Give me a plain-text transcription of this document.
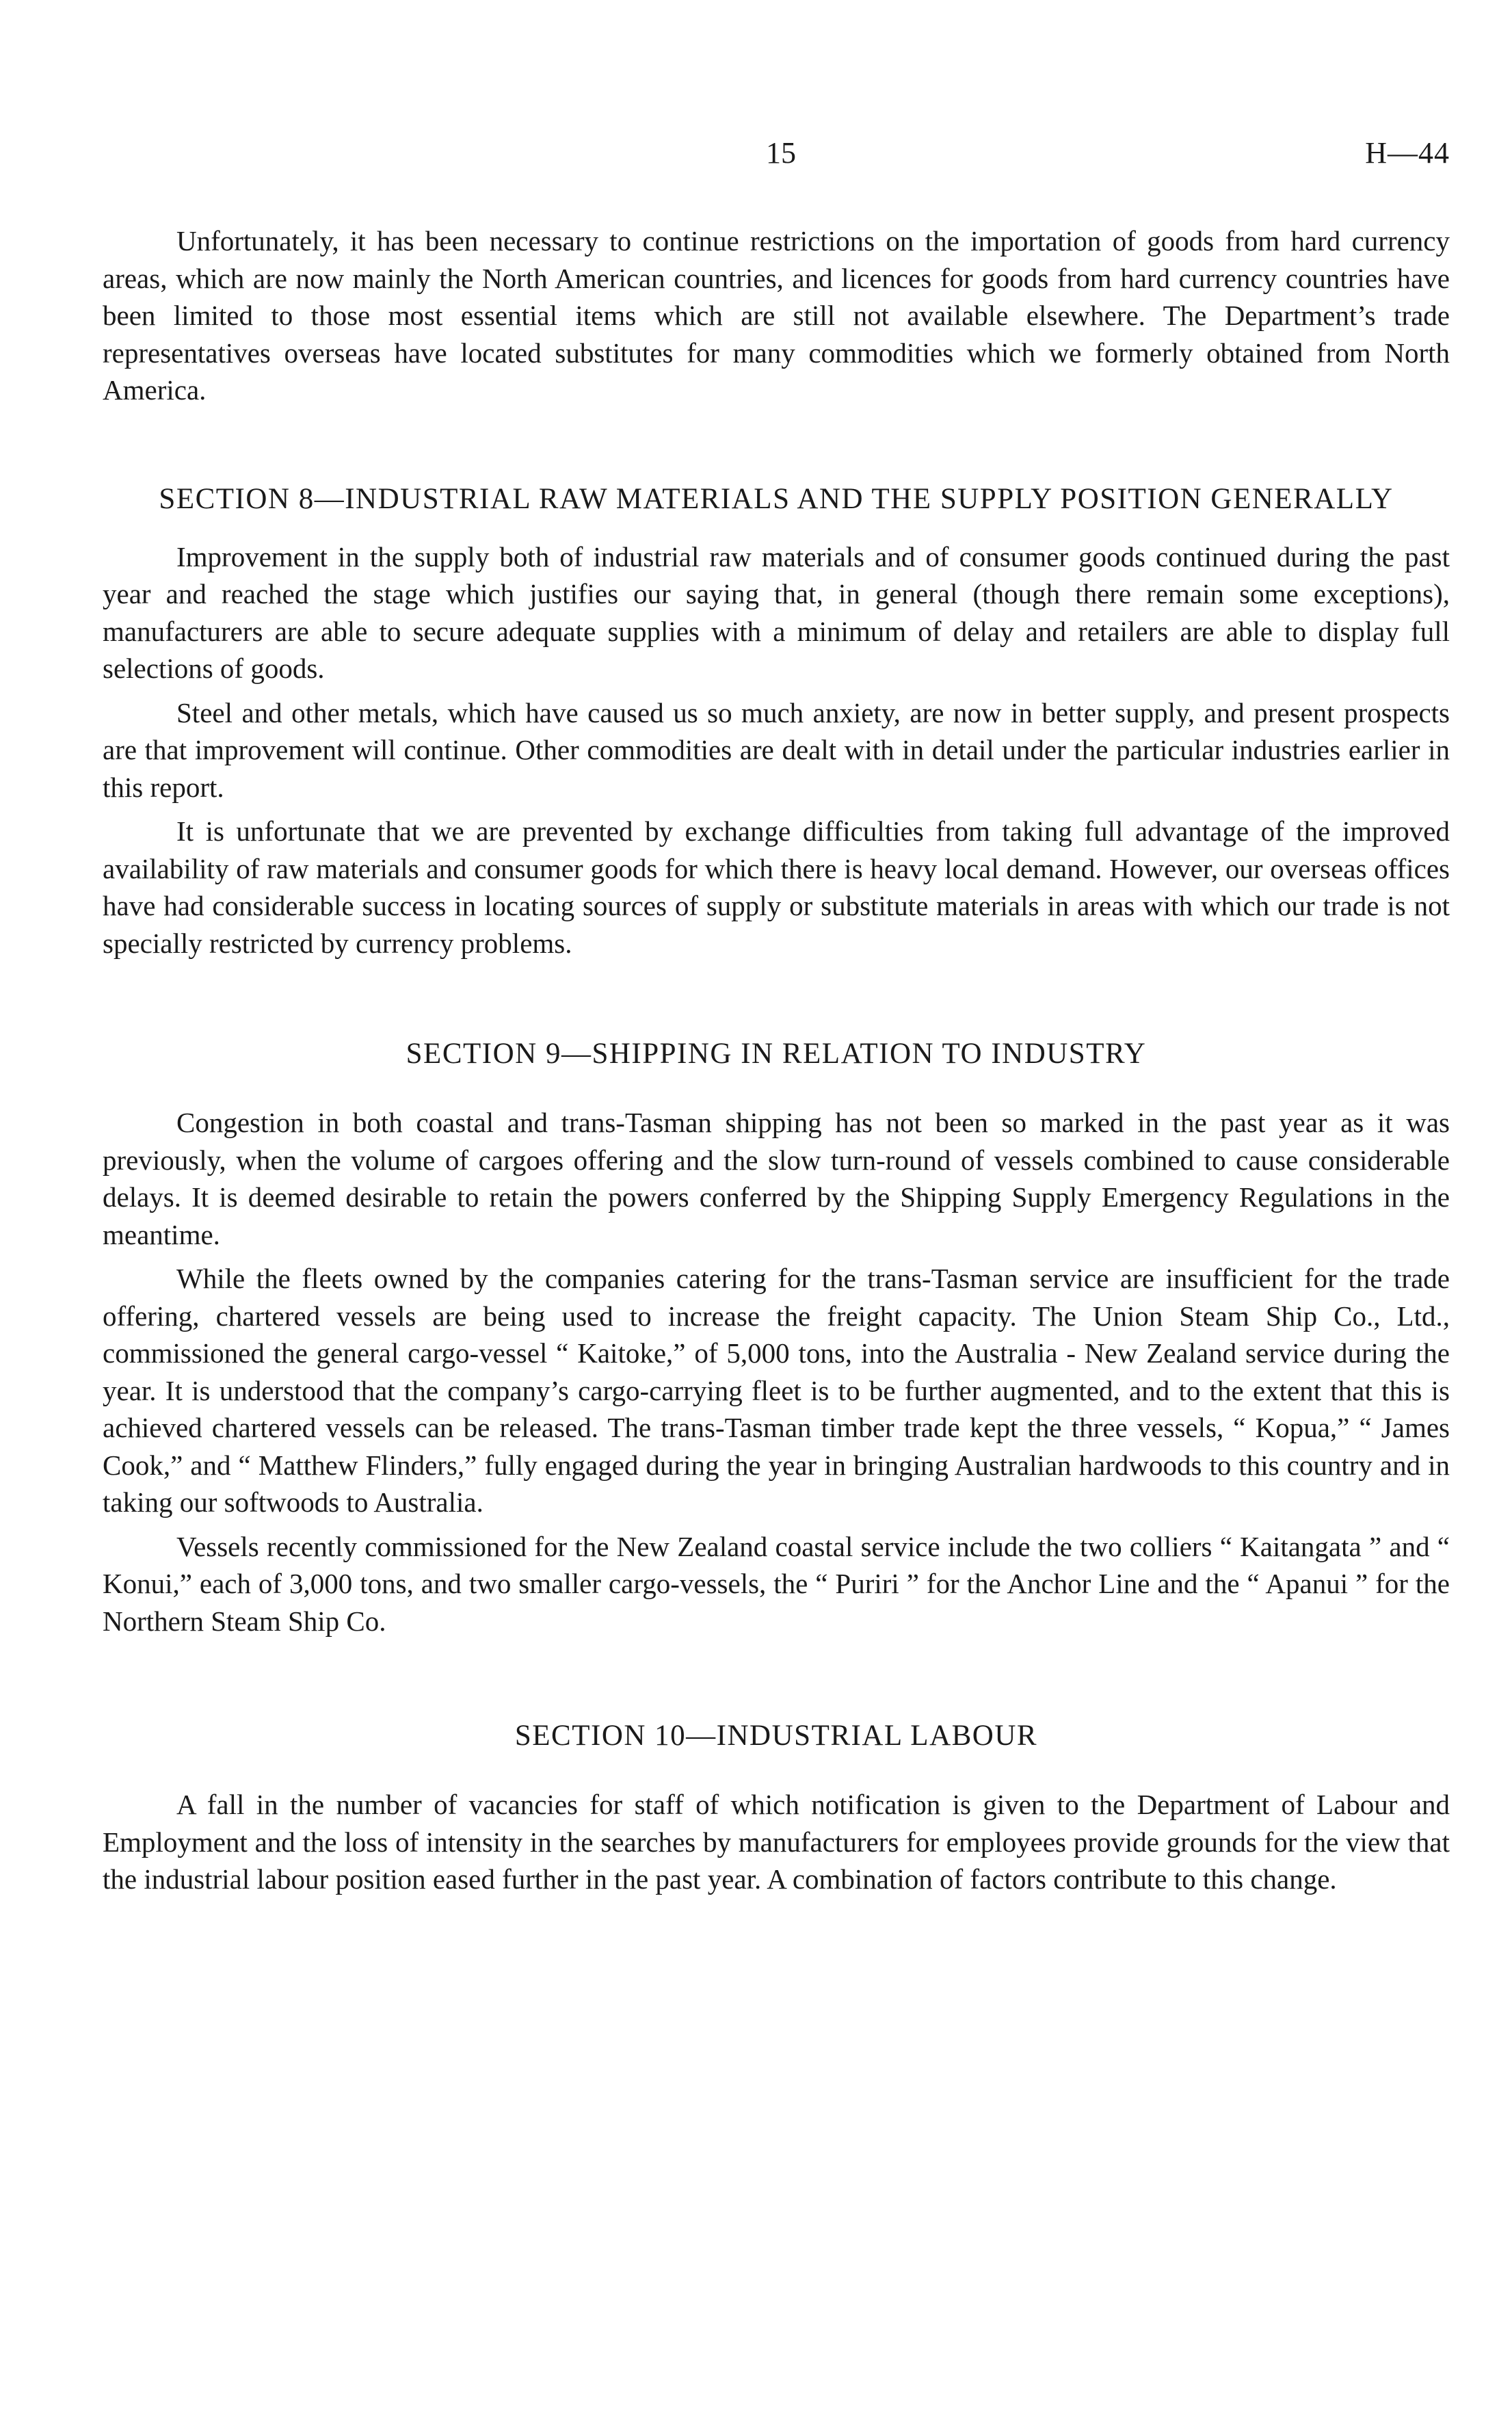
15	H—44

Unfortunately, it has been necessary to continue restrictions on the importation of goods from hard currency areas, which are now mainly the North American countries, and licences for goods from hard currency countries have been limited to those most essential items which are still not available elsewhere. The Department’s trade representatives overseas have located substitutes for many commodities which we formerly obtained from North America.

SECTION 8—INDUSTRIAL RAW MATERIALS AND THE SUPPLY POSITION GENERALLY

Improvement in the supply both of industrial raw materials and of consumer goods continued during the past year and reached the stage which justifies our saying that, in general (though there remain some exceptions), manufacturers are able to secure adequate supplies with a minimum of delay and retailers are able to display full selections of goods.

Steel and other metals, which have caused us so much anxiety, are now in better supply, and present prospects are that improvement will continue. Other commodities are dealt with in detail under the particular industries earlier in this report.

It is unfortunate that we are prevented by exchange difficulties from taking full advantage of the improved availability of raw materials and consumer goods for which there is heavy local demand. However, our overseas offices have had considerable success in locating sources of supply or substitute materials in areas with which our trade is not specially restricted by currency problems.

SECTION 9—SHIPPING IN RELATION TO INDUSTRY

Congestion in both coastal and trans-Tasman shipping has not been so marked in the past year as it was previously, when the volume of cargoes offering and the slow turn-round of vessels combined to cause considerable delays. It is deemed desirable to retain the powers conferred by the Shipping Supply Emergency Regulations in the meantime.

While the fleets owned by the companies catering for the trans-Tasman service are insufficient for the trade offering, chartered vessels are being used to increase the freight capacity. The Union Steam Ship Co., Ltd., commissioned the general cargo-vessel “ Kaitoke,” of 5,000 tons, into the Australia - New Zealand service during the year. It is understood that the company’s cargo-carrying fleet is to be further augmented, and to the extent that this is achieved chartered vessels can be released. The trans-Tasman timber trade kept the three vessels, “ Kopua,” “ James Cook,” and “ Matthew Flinders,” fully engaged during the year in bringing Australian hardwoods to this country and in taking our softwoods to Australia.

Vessels recently commissioned for the New Zealand coastal service include the two colliers “ Kaitangata ” and “ Konui,” each of 3,000 tons, and two smaller cargo-vessels, the “ Puriri ” for the Anchor Line and the “ Apanui ” for the Northern Steam Ship Co.

SECTION 10—INDUSTRIAL LABOUR

A fall in the number of vacancies for staff of which notification is given to the Department of Labour and Employment and the loss of intensity in the searches by manufacturers for employees provide grounds for the view that the industrial labour position eased further in the past year. A combination of factors contribute to this change.
